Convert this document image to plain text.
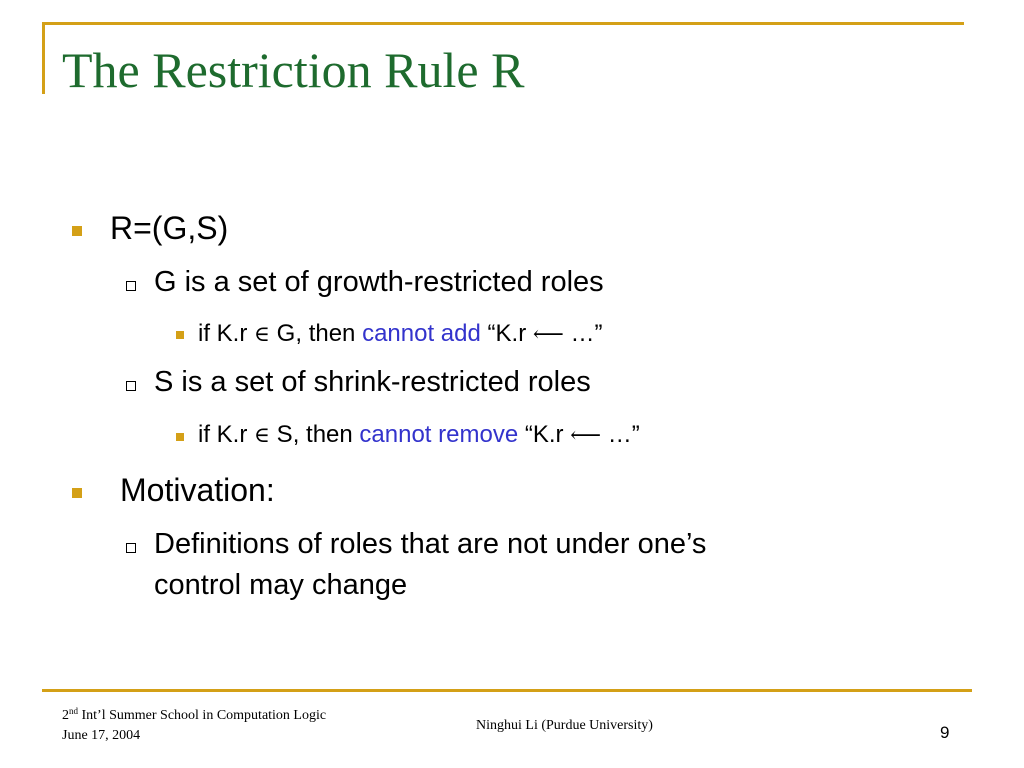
The Restriction Rule R
R=(G,S)
G is a set of growth-restricted roles
if K.r ∈ G, then cannot add “K.r ⟵ …”
S is a set of shrink-restricted roles
if K.r ∈ S, then cannot remove “K.r ⟵ …”
Motivation:
Definitions of roles that are not under one’s
control may change
2nd Int’l Summer School in Computation Logic
June 17, 2004
Ninghui Li (Purdue University)	9
